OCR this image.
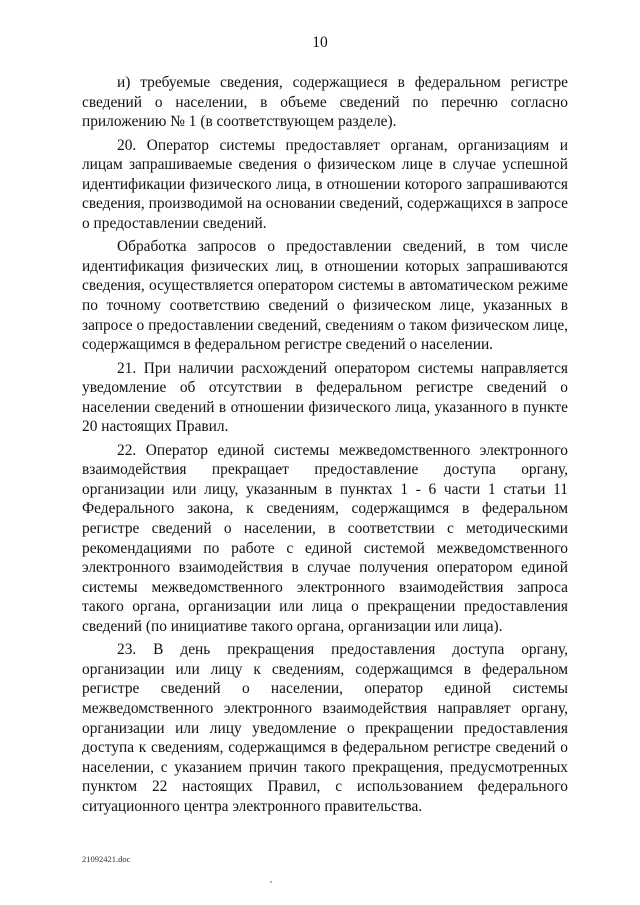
10

и) требуемые сведения, содержащиеся в федеральном регистре сведений о населении, в объеме сведений по перечню согласно приложению № 1 (в соответствующем разделе).

20. Оператор системы предоставляет органам, организациям и лицам запрашиваемые сведения о физическом лице в случае успешной идентификации физического лица, в отношении которого запрашиваются сведения, производимой на основании сведений, содержащихся в запросе о предоставлении сведений.

Обработка запросов о предоставлении сведений, в том числе идентификация физических лиц, в отношении которых запрашиваются сведения, осуществляется оператором системы в автоматическом режиме по точному соответствию сведений о физическом лице, указанных в запросе о предоставлении сведений, сведениям о таком физическом лице, содержащимся в федеральном регистре сведений о населении.

21. При наличии расхождений оператором системы направляется уведомление об отсутствии в федеральном регистре сведений о населении сведений в отношении физического лица, указанного в пункте 20 настоящих Правил.

22. Оператор единой системы межведомственного электронного взаимодействия прекращает предоставление доступа органу, организации или лицу, указанным в пунктах 1 - 6 части 1 статьи 11 Федерального закона, к сведениям, содержащимся в федеральном регистре сведений о населении, в соответствии с методическими рекомендациями по работе с единой системой межведомственного электронного взаимодействия в случае получения оператором единой системы межведомственного электронного взаимодействия запроса такого органа, организации или лица о прекращении предоставления сведений (по инициативе такого органа, организации или лица).

23. В день прекращения предоставления доступа органу, организации или лицу к сведениям, содержащимся в федеральном регистре сведений о населении, оператор единой системы межведомственного электронного взаимодействия направляет органу, организации или лицу уведомление о прекращении предоставления доступа к сведениям, содержащимся в федеральном регистре сведений о населении, с указанием причин такого прекращения, предусмотренных пунктом 22 настоящих Правил, с использованием федерального ситуационного центра электронного правительства.

21092421.doc
